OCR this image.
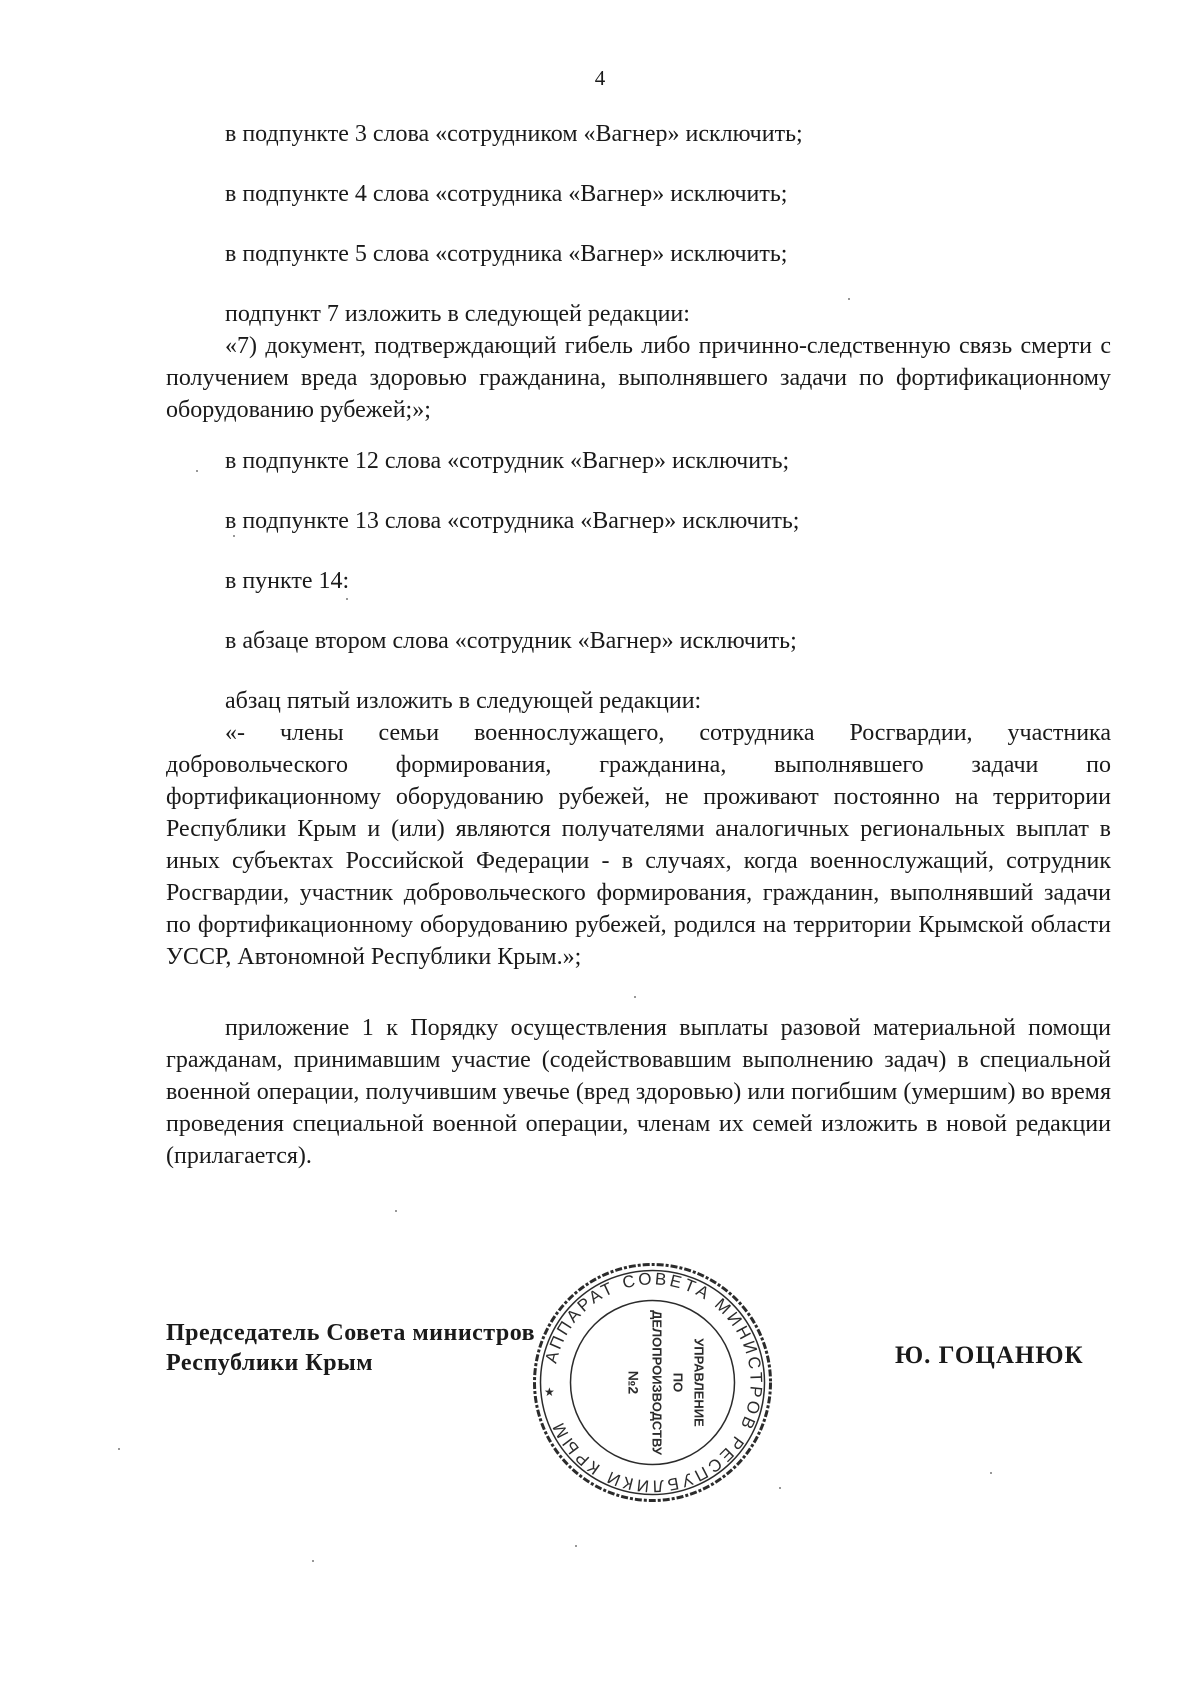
4
в подпункте 3 слова «сотрудником «Вагнер» исключить;
в подпункте 4 слова «сотрудника «Вагнер» исключить;
в подпункте 5 слова «сотрудника «Вагнер» исключить;
подпункт 7 изложить в следующей редакции:

«7) документ, подтверждающий гибель либо причинно-следственную связь смерти с получением вреда здоровью гражданина, выполнявшего задачи по фортификационному оборудованию рубежей;»;

в подпункте 12 слова «сотрудник «Вагнер» исключить;
в подпункте 13 слова «сотрудника «Вагнер» исключить;
в пункте 14:
в абзаце втором слова «сотрудник «Вагнер» исключить;
абзац пятый изложить в следующей редакции:

«- члены семьи военнослужащего, сотрудника Росгвардии, участника добровольческого формирования, гражданина, выполнявшего задачи по фортификационному оборудованию рубежей, не проживают постоянно на территории Республики Крым и (или) являются получателями аналогичных региональных выплат в иных субъектах Российской Федерации - в случаях, когда военнослужащий, сотрудник Росгвардии, участник добровольческого формирования, гражданин, выполнявший задачи по фортификационному оборудованию рубежей, родился на территории Крымской области УССР, Автономной Республики Крым.»;

приложение 1 к Порядку осуществления выплаты разовой материальной помощи гражданам, принимавшим участие (содействовавшим выполнению задач) в специальной военной операции, получившим увечье (вред здоровью) или погибшим (умершим) во время проведения специальной военной операции, членам их семей изложить в новой редакции (прилагается).

Председатель Совета министров
Республики Крым	Ю. ГОЦАНЮК
АППАРАТ СОВЕТА МИНИСТРОВ РЕСПУБЛИКИ КРЫМ
УПРАВЛЕНИЕ
ПО
ДЕЛОПРОИЗВОДСТВУ
№2
★
